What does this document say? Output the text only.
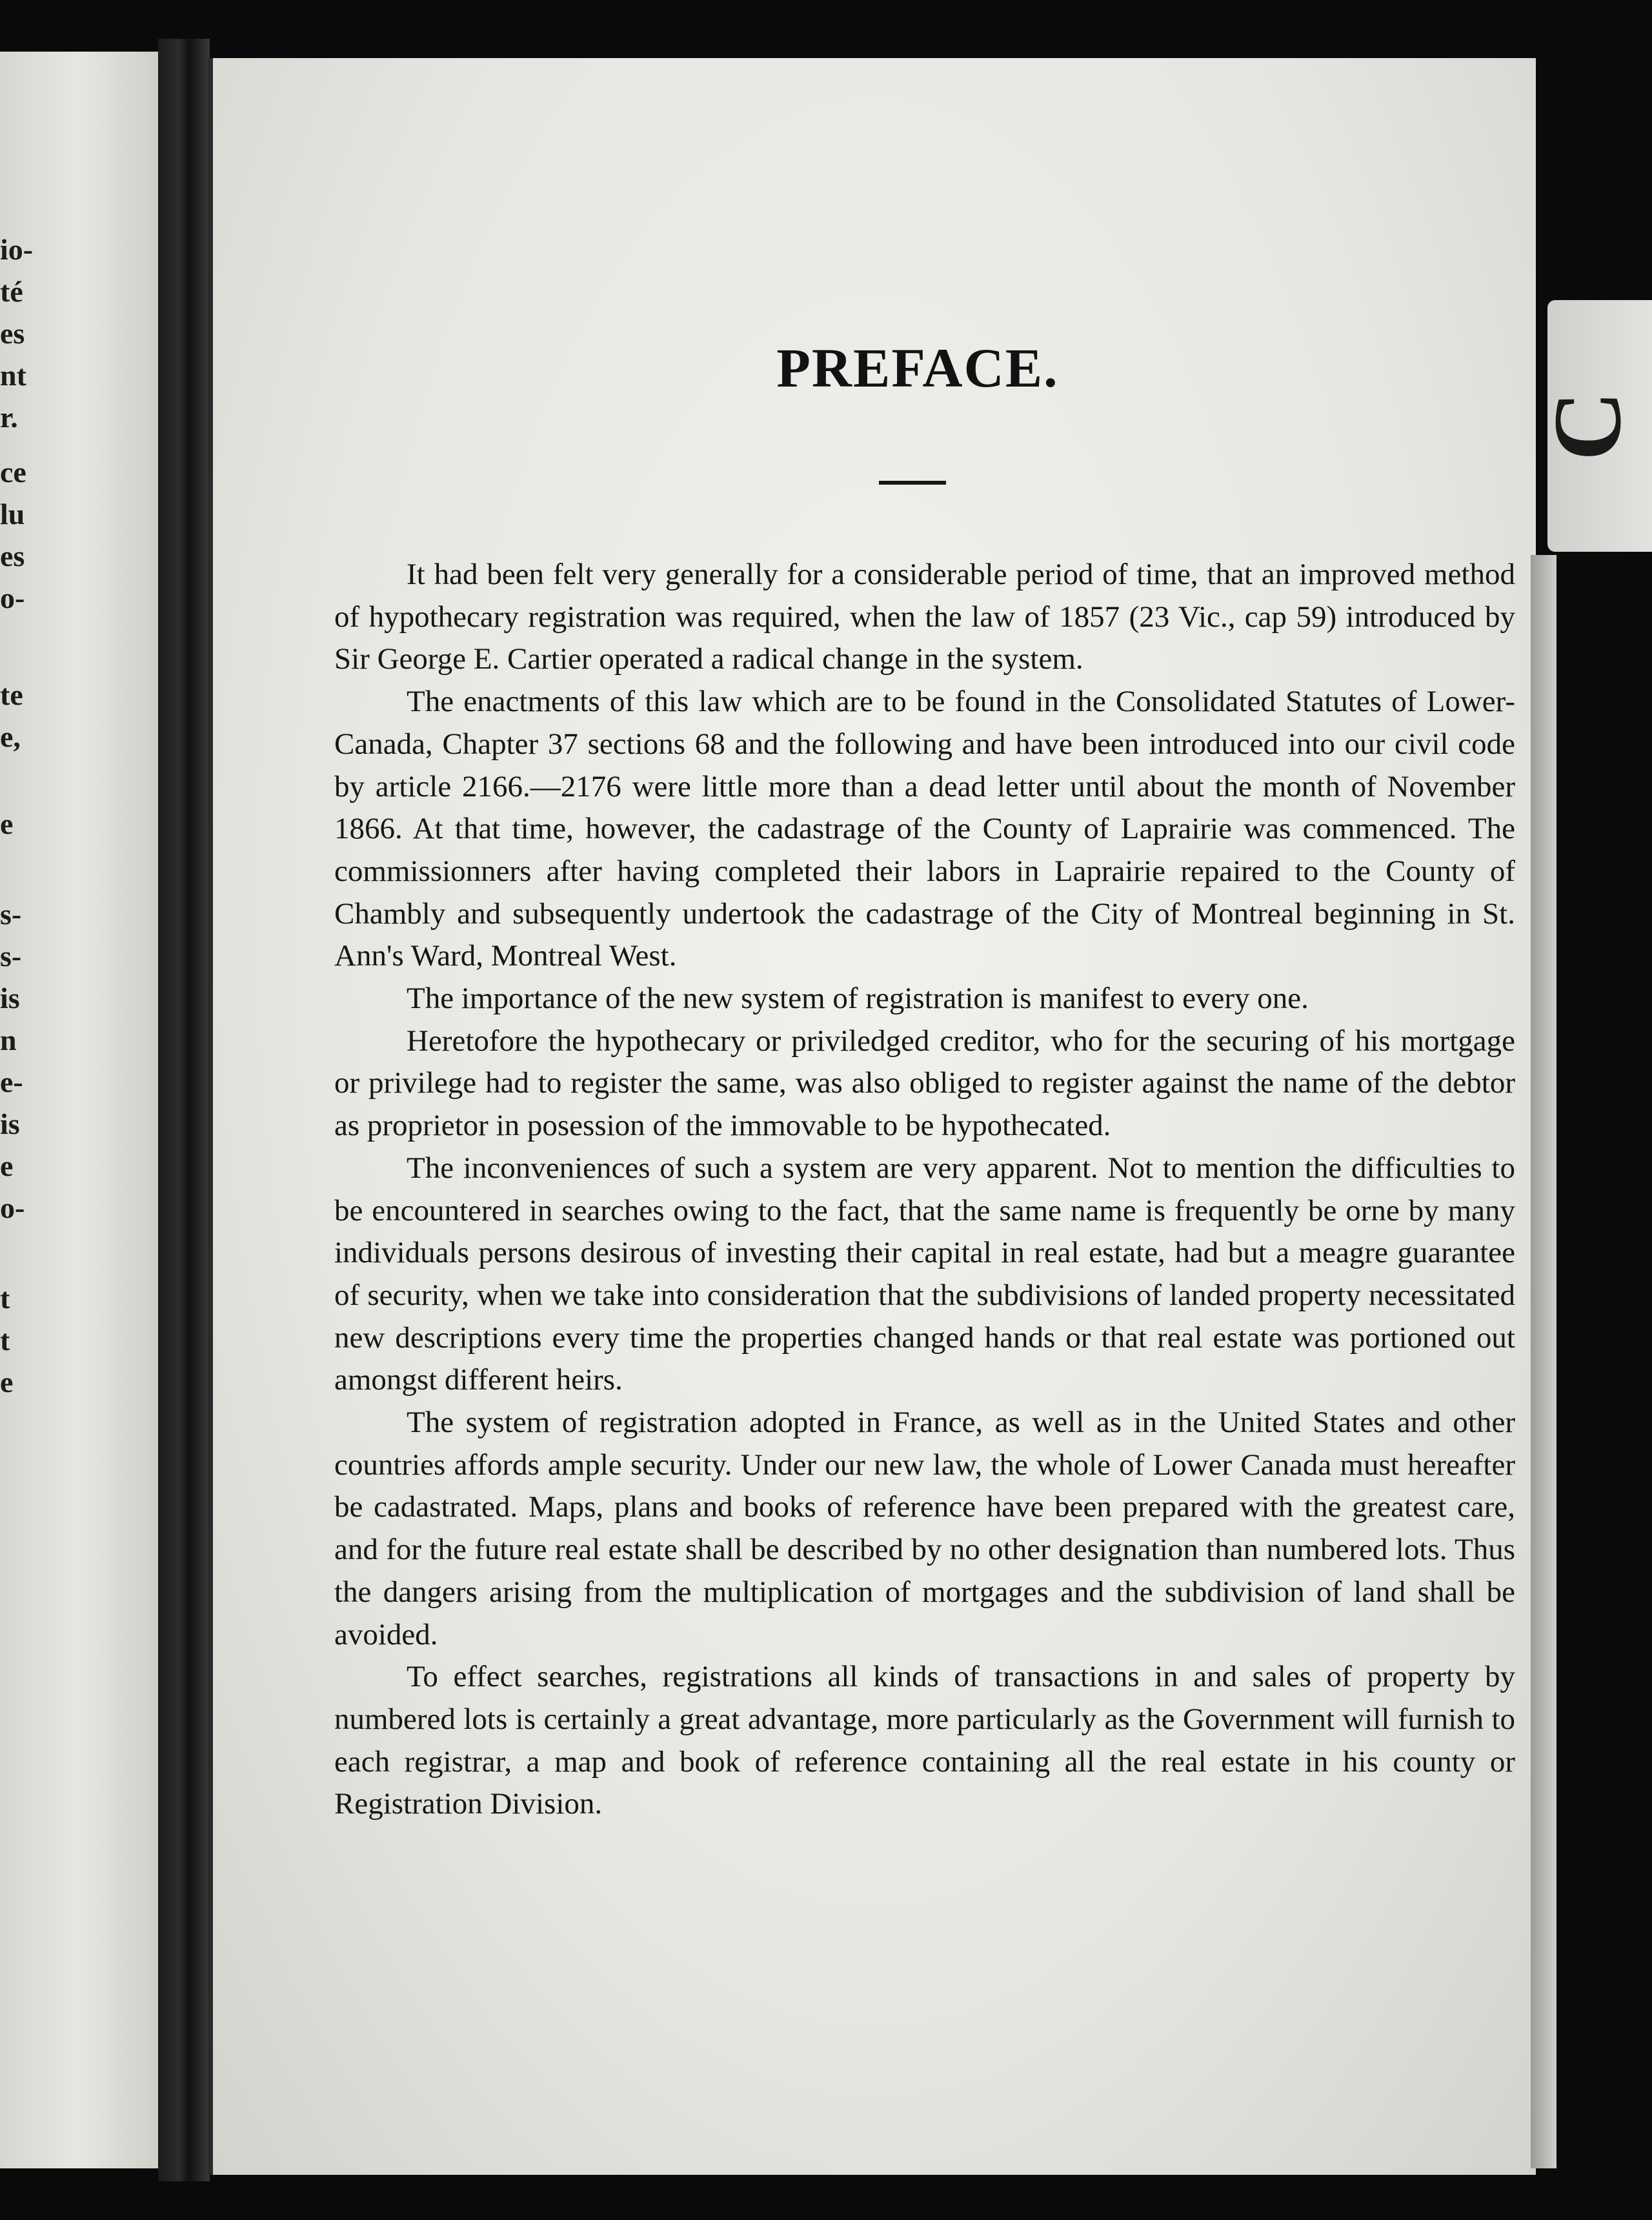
io-
té
es
nt
r.
ce
lu
es
o-
te
e,
e
s-
s-
is
n
e-
is
e
o-
t
t
e
C
PREFACE.

It had been felt very generally for a considerable period of time, that an improved method of hypothecary registration was required, when the law of 1857 (23 Vic., cap 59) introduced by Sir George E. Cartier operated a radical change in the system.

The enactments of this law which are to be found in the Consolidated Statutes of Lower-Canada, Chapter 37 sections 68 and the following and have been introduced into our civil code by article 2166.—2176 were little more than a dead letter until about the month of November 1866. At that time, however, the cadastrage of the County of Laprairie was commenced. The commissionners after having completed their labors in Laprairie repaired to the County of Chambly and subsequently undertook the cadastrage of the City of Montreal beginning in St. Ann's Ward, Montreal West.

The importance of the new system of registration is manifest to every one.

Heretofore the hypothecary or priviledged creditor, who for the securing of his mortgage or privilege had to register the same, was also obliged to register against the name of the debtor as proprietor in posession of the immovable to be hypothecated.

The inconveniences of such a system are very apparent. Not to mention the difficulties to be encountered in searches owing to the fact, that the same name is frequently be orne by many individuals persons desirous of investing their capital in real estate, had but a meagre guarantee of security, when we take into consideration that the subdivisions of landed property necessitated new descriptions every time the properties changed hands or that real estate was portioned out amongst different heirs.

The system of registration adopted in France, as well as in the United States and other countries affords ample security. Under our new law, the whole of Lower Canada must hereafter be cadastrated. Maps, plans and books of reference have been prepared with the greatest care, and for the future real estate shall be described by no other designation than numbered lots. Thus the dangers arising from the multiplication of mortgages and the subdivision of land shall be avoided.

To effect searches, registrations all kinds of transactions in and sales of property by numbered lots is certainly a great advantage, more particularly as the Government will furnish to each registrar, a map and book of reference containing all the real estate in his county or Registration Division.
